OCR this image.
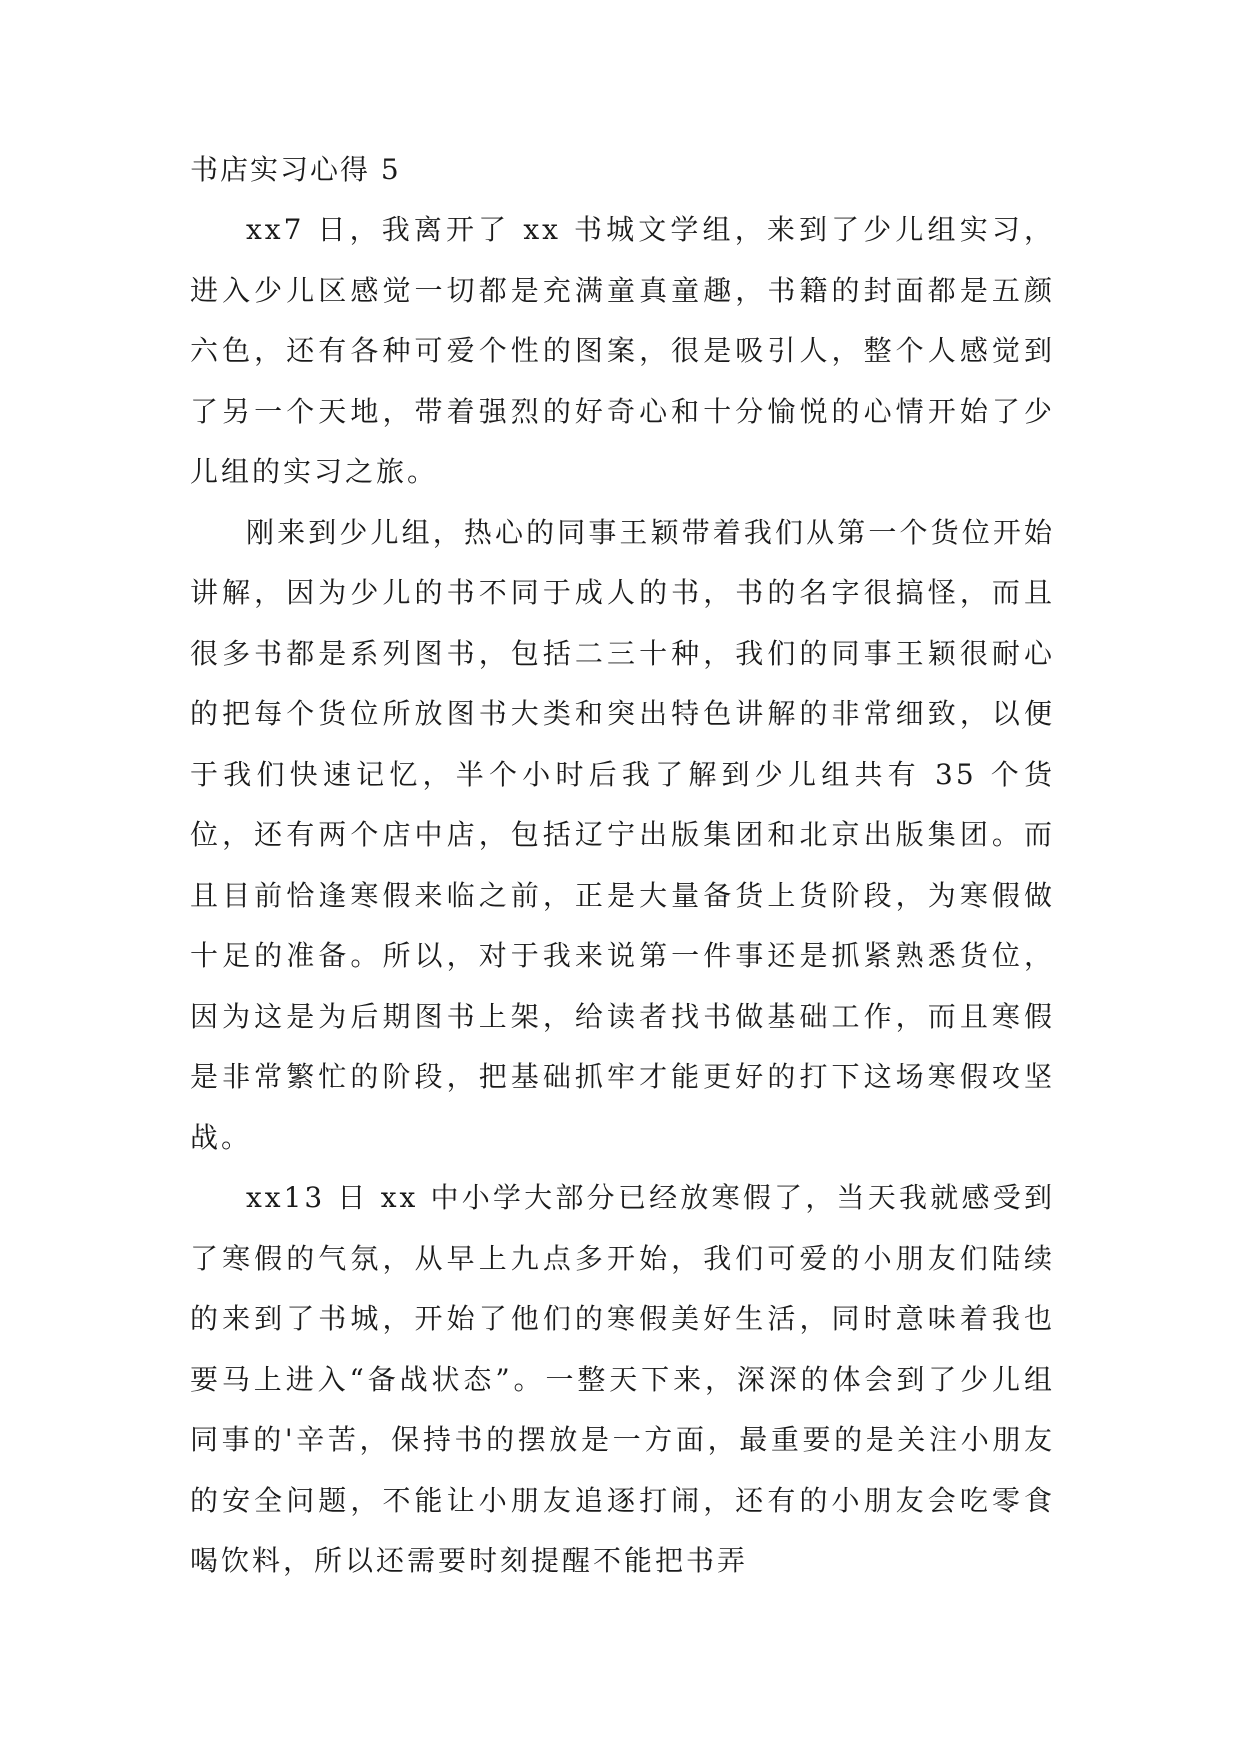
书店实习心得 5

xx7 日，我离开了 xx 书城文学组，来到了少儿组实习，进入少儿区感觉一切都是充满童真童趣，书籍的封面都是五颜六色，还有各种可爱个性的图案，很是吸引人，整个人感觉到了另一个天地，带着强烈的好奇心和十分愉悦的心情开始了少儿组的实习之旅。

刚来到少儿组，热心的同事王颖带着我们从第一个货位开始讲解，因为少儿的书不同于成人的书，书的名字很搞怪，而且很多书都是系列图书，包括二三十种，我们的同事王颖很耐心的把每个货位所放图书大类和突出特色讲解的非常细致，以便于我们快速记忆，半个小时后我了解到少儿组共有 35 个货位，还有两个店中店，包括辽宁出版集团和北京出版集团。而且目前恰逢寒假来临之前，正是大量备货上货阶段，为寒假做十足的准备。所以，对于我来说第一件事还是抓紧熟悉货位，因为这是为后期图书上架，给读者找书做基础工作，而且寒假是非常繁忙的阶段，把基础抓牢才能更好的打下这场寒假攻坚战。

xx13 日 xx 中小学大部分已经放寒假了，当天我就感受到了寒假的气氛，从早上九点多开始，我们可爱的小朋友们陆续的来到了书城，开始了他们的寒假美好生活，同时意味着我也要马上进入“备战状态”。一整天下来，深深的体会到了少儿组同事的'辛苦，保持书的摆放是一方面，最重要的是关注小朋友的安全问题，不能让小朋友追逐打闹，还有的小朋友会吃零食喝饮料，所以还需要时刻提醒不能把书弄
